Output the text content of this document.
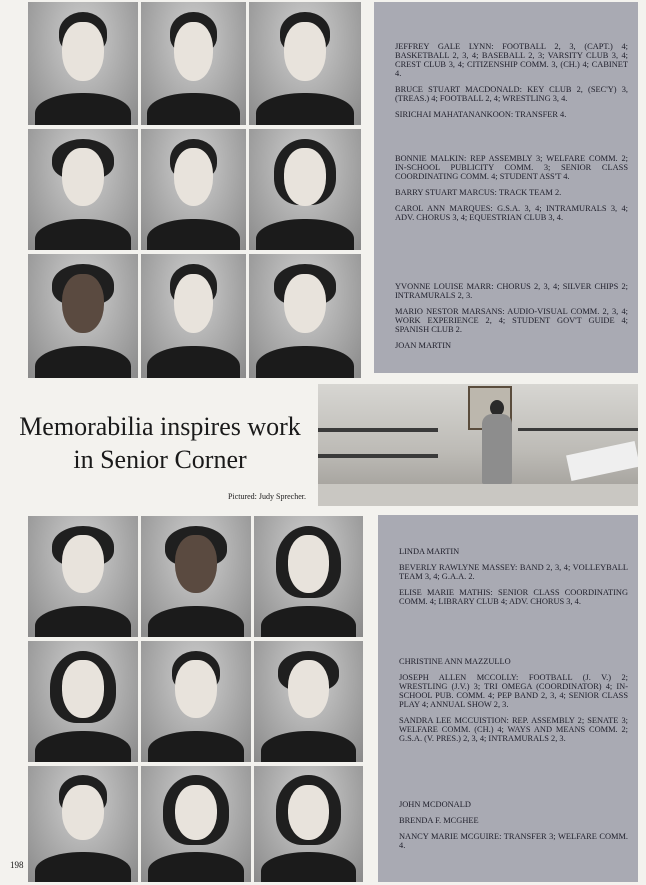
JEFFREY GALE LYNN: FOOTBALL 2, 3, (CAPT.) 4; BASKETBALL 2, 3, 4; BASEBALL 2, 3; VARSITY CLUB 3, 4; CREST CLUB 3, 4; CITIZENSHIP COMM. 3, (CH.) 4; CABINET 4.

BRUCE STUART MACDONALD: KEY CLUB 2, (SEC'Y) 3, (TREAS.) 4; FOOTBALL 2, 4; WRESTLING 3, 4.

SIRICHAI MAHATANANKOON: TRANSFER 4.

BONNIE MALKIN: REP ASSEMBLY 3; WELFARE COMM. 2; IN-SCHOOL PUBLICITY COMM. 3; SENIOR CLASS COORDINATING COMM. 4; STUDENT ASS'T 4.

BARRY STUART MARCUS: TRACK TEAM 2.

CAROL ANN MARQUES: G.S.A. 3, 4; INTRAMURALS 3, 4; ADV. CHORUS 3, 4; EQUESTRIAN CLUB 3, 4.

YVONNE LOUISE MARR: CHORUS 2, 3, 4; SILVER CHIPS 2; INTRAMURALS 2, 3.

MARIO NESTOR MARSANS: AUDIO-VISUAL COMM. 2, 3, 4; WORK EXPERIENCE 2, 4; STUDENT GOV'T GUIDE 4; SPANISH CLUB 2.

JOAN MARTIN

Memorabilia inspires work
in Senior Corner
Pictured: Judy Sprecher.

LINDA MARTIN

BEVERLY RAWLYNE MASSEY: BAND 2, 3, 4; VOLLEYBALL TEAM 3, 4; G.A.A. 2.

ELISE MARIE MATHIS: SENIOR CLASS COORDINATING COMM. 4; LIBRARY CLUB 4; ADV. CHORUS 3, 4.

CHRISTINE ANN MAZZULLO

JOSEPH ALLEN MCCOLLY: FOOTBALL (J. V.) 2; WRESTLING (J.V.) 3; TRI OMEGA (COORDINATOR) 4; IN-SCHOOL PUB. COMM. 4; PEP BAND 2, 3, 4; SENIOR CLASS PLAY 4; ANNUAL SHOW 2, 3.

SANDRA LEE MCCUISTION: REP. ASSEMBLY 2; SENATE 3; WELFARE COMM. (CH.) 4; WAYS AND MEANS COMM. 2; G.S.A. (V. PRES.) 2, 3, 4; INTRAMURALS 2, 3.

JOHN MCDONALD

BRENDA F. MCGHEE

NANCY MARIE MCGUIRE: TRANSFER 3; WELFARE COMM. 4.

198
